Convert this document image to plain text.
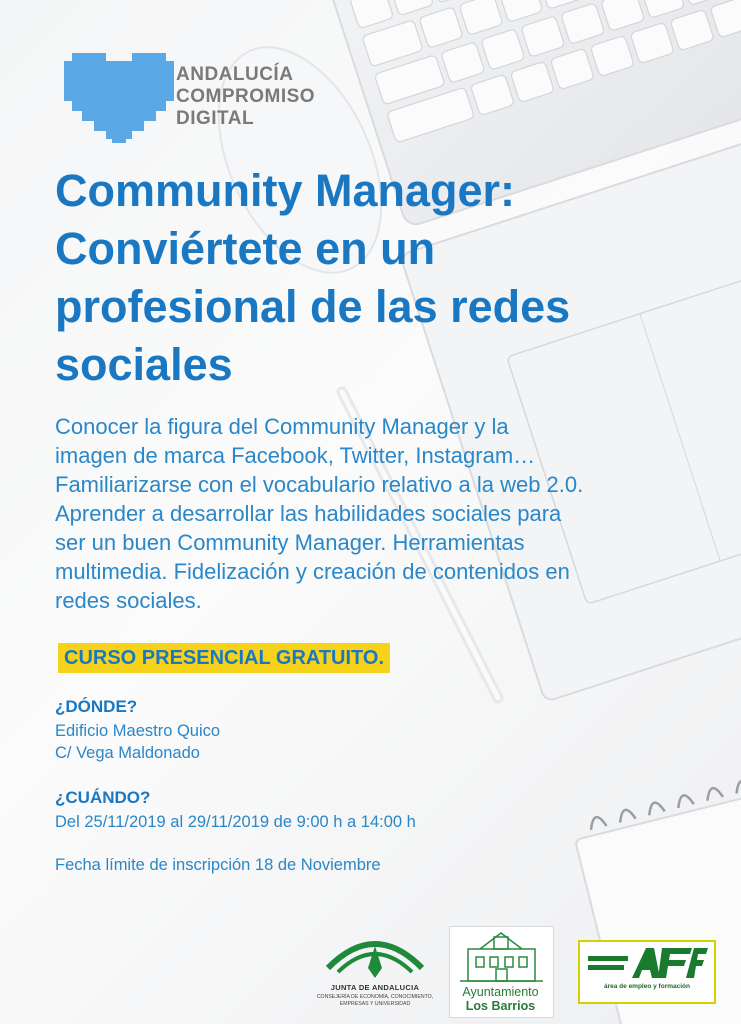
ANDALUCÍA
COMPROMISO
DIGITAL
Community Manager:
Conviértete en un
profesional de las redes
sociales
Conocer la figura del Community Manager y la
imagen de marca Facebook, Twitter, Instagram…
Familiarizarse con el vocabulario relativo a la web 2.0.
Aprender a desarrollar las habilidades sociales para
ser un buen Community Manager. Herramientas
multimedia. Fidelización y creación de contenidos en
redes sociales.
CURSO PRESENCIAL GRATUITO.
¿DÓNDE?
Edificio Maestro Quico
C/ Vega Maldonado
¿CUÁNDO?
Del 25/11/2019 al 29/11/2019 de 9:00 h a 14:00 h
Fecha límite de inscripción 18 de Noviembre
JUNTA DE ANDALUCIA
CONSEJERÍA DE ECONOMÍA, CONOCIMIENTO,
EMPRESAS Y UNIVERSIDAD
Ayuntamiento
Los Barrios
área de empleo y formación
